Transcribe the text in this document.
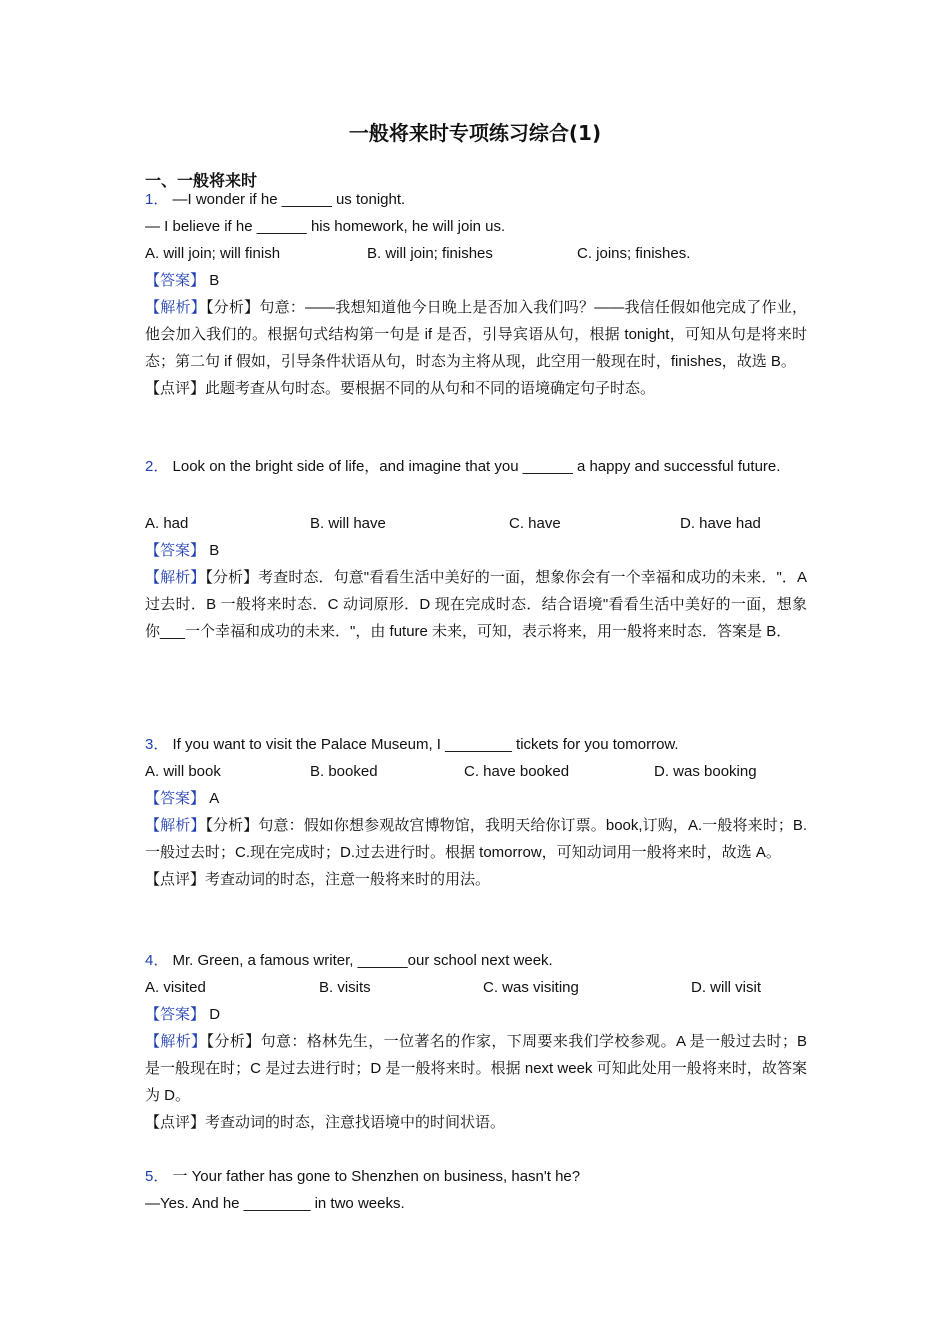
一般将来时专项练习综合(1)
一、一般将来时
1． —I wonder if he ______ us tonight.
— I believe if he ______ his homework, he will join us.
A. will join; will finish	B. will join; finishes	C. joins; finishes.
【答案】 B
【解析】【分析】句意：——我想知道他今日晚上是否加入我们吗？——我信任假如他完成了作业，他会加入我们的。根据句式结构第一句是 if 是否，引导宾语从句，根据 tonight，可知从句是将来时态；第二句 if 假如，引导条件状语从句，时态为主将从现，此空用一般现在时，finishes，故选 B。
【点评】此题考查从句时态。要根据不同的从句和不同的语境确定句子时态。
2． Look on the bright side of life，and imagine that you ______ a happy and successful future.
A. had	B. will have	C. have	D. have had
【答案】 B
【解析】【分析】考查时态．句意"看看生活中美好的一面，想象你会有一个幸福和成功的未来．"．A 过去时．B 一般将来时态．C 动词原形．D 现在完成时态．结合语境"看看生活中美好的一面，想象你___一个幸福和成功的未来．"，由 future 未来，可知，表示将来，用一般将来时态．答案是 B．
3． If you want to visit the Palace Museum, I ________ tickets for you tomorrow.
A. will book	B. booked	C. have booked	D. was booking
【答案】 A
【解析】【分析】句意：假如你想参观故宫博物馆，我明天给你订票。book,订购，A.一般将来时；B.一般过去时；C.现在完成时；D.过去进行时。根据 tomorrow，可知动词用一般将来时，故选 A。
【点评】考查动词的时态，注意一般将来时的用法。
4． Mr. Green, a famous writer, ______our school next week.
A. visited	B. visits	C. was visiting	D. will visit
【答案】 D
【解析】【分析】句意：格林先生，一位著名的作家，下周要来我们学校参观。A 是一般过去时；B 是一般现在时；C 是过去进行时；D 是一般将来时。根据 next week 可知此处用一般将来时，故答案为 D。
【点评】考查动词的时态，注意找语境中的时间状语。
5． 一 Your father has gone to Shenzhen on business, hasn't he?
—Yes. And he ________ in two weeks.
